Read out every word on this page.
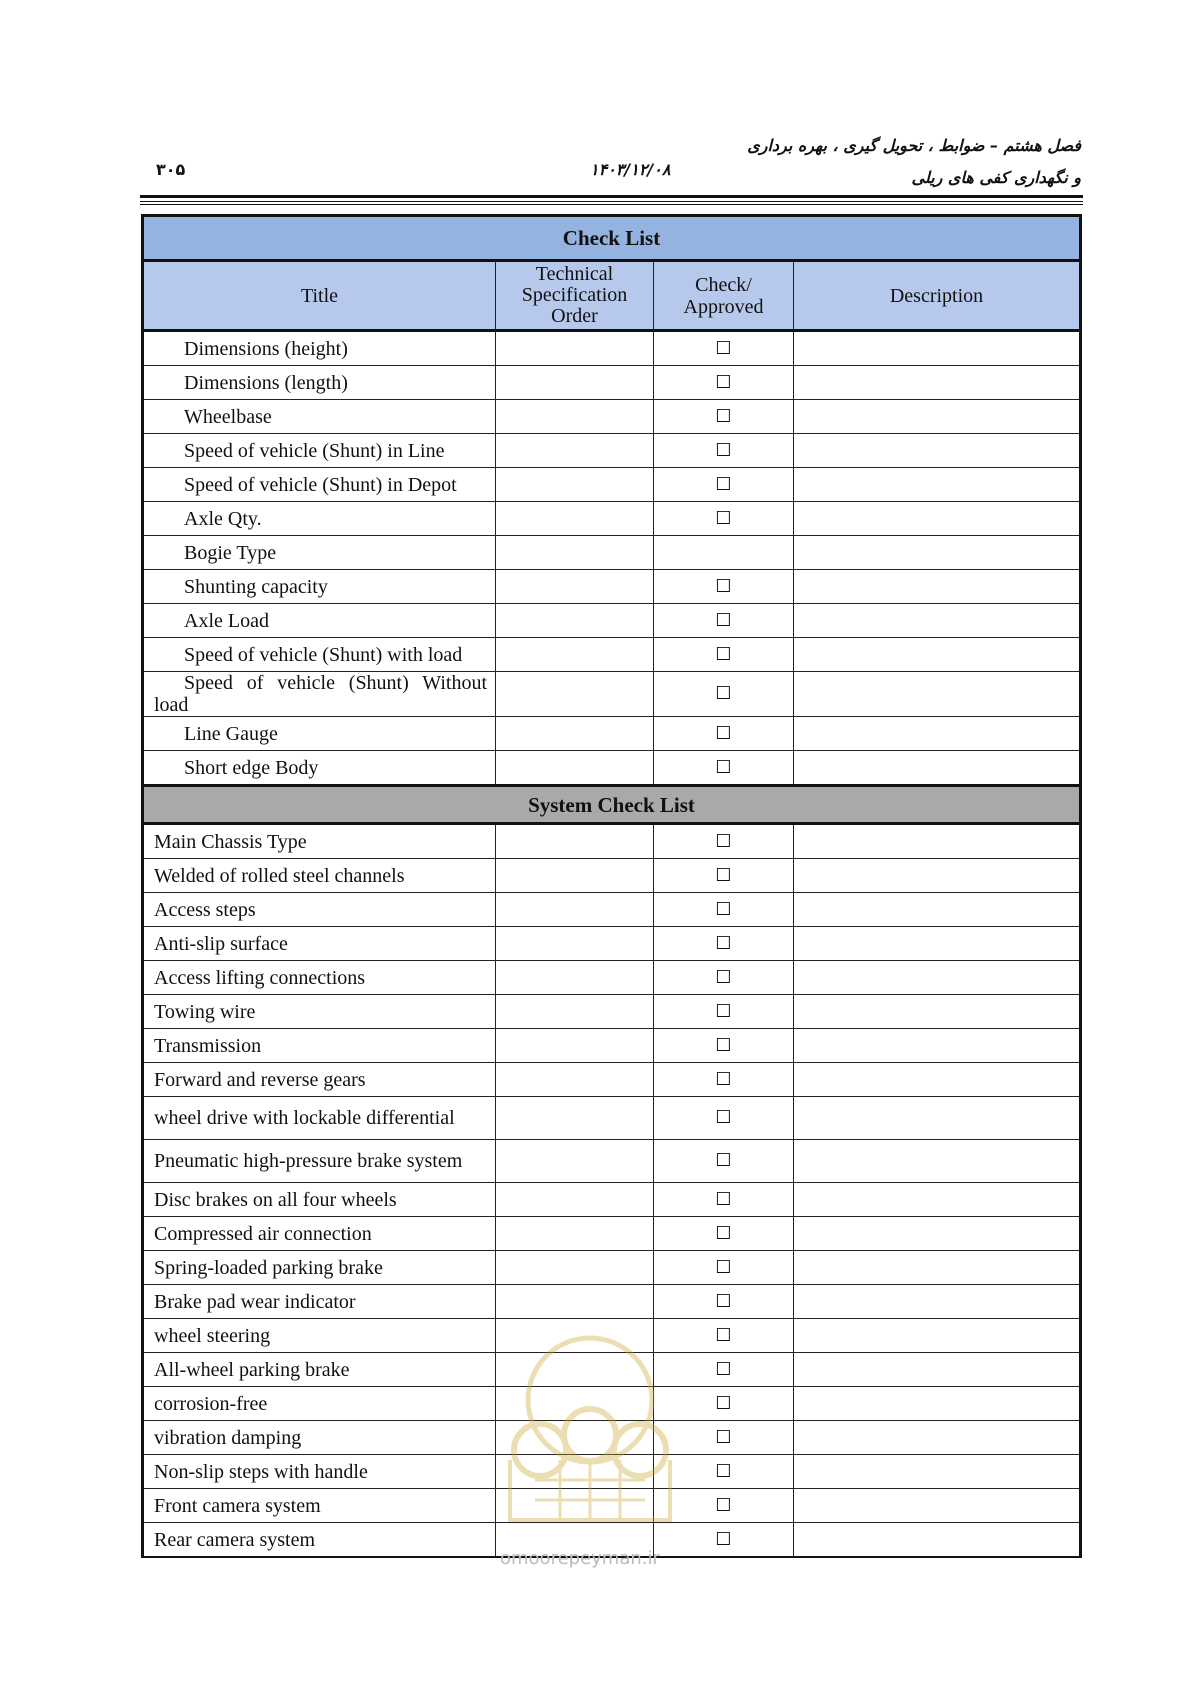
فصل هشتم – ضوابط ، تحویل گیری ، بهره برداری
و نگهداری کفی های ریلی
۱۴۰۳/۱۲/۰۸
۳۰۵
Check List			
Title	Technical Specification Order	Check/ Approved	Description
Dimensions (height)		☐	
Dimensions (length)		☐	
Wheelbase		☐	
Speed of vehicle (Shunt) in Line		☐	
Speed of vehicle (Shunt) in Depot		☐	
Axle Qty.		☐	
Bogie Type			
Shunting capacity		☐	
Axle Load		☐	
Speed of vehicle (Shunt) with load		☐	
Speed of vehicle (Shunt) Without load		☐	
Line Gauge		☐	
Short edge Body		☐	
System Check List			
Main Chassis Type		☐	
Welded of rolled steel channels		☐	
Access steps		☐	
Anti-slip surface		☐	
Access lifting connections		☐	
Towing wire		☐	
Transmission		☐	
Forward and reverse gears		☐	
wheel drive with lockable differential		☐	
Pneumatic high-pressure brake system		☐	
Disc brakes on all four wheels		☐	
Compressed air connection		☐	
Spring-loaded parking brake		☐	
Brake pad wear indicator		☐	
wheel steering		☐	
All-wheel parking brake		☐	
corrosion-free		☐	
vibration damping		☐	
Non-slip steps with handle		☐	
Front camera system		☐	
Rear camera system		☐	
omoorepeyman.ir
